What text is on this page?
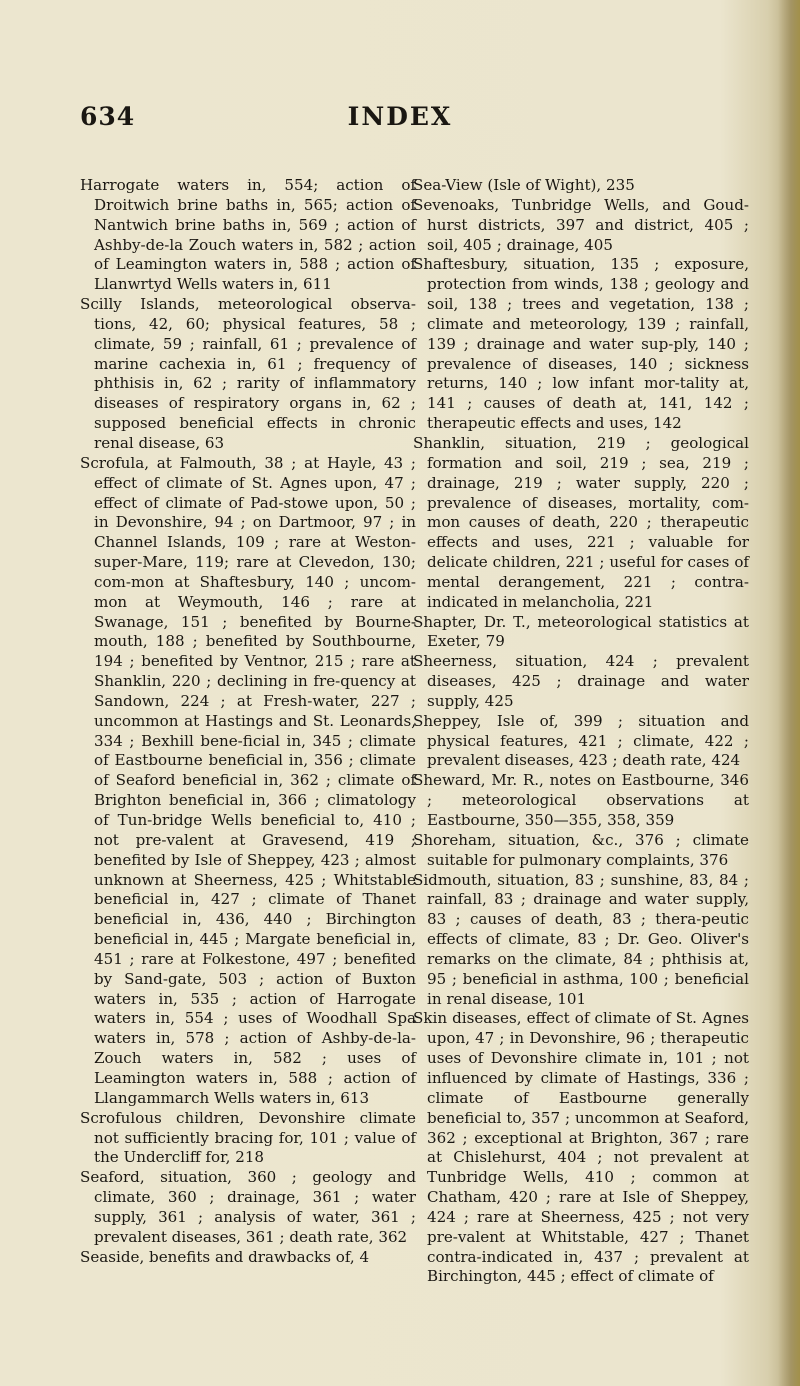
INDEX
634

Harrogate waters in, 554; action of Droitwich brine baths in, 565; action of Nantwich brine baths in, 569 ; action of Ashby-de-la Zouch waters in, 582 ; action of Leamington waters in, 588 ; action of Llanwrtyd Wells waters in, 611

Scilly Islands, meteorological observa-tions, 42, 60; physical features, 58 ; climate, 59 ; rainfall, 61 ; prevalence of marine cachexia in, 61 ; frequency of phthisis in, 62 ; rarity of inflammatory diseases of respiratory organs in, 62 ; supposed beneficial effects in chronic renal disease, 63

Scrofula, at Falmouth, 38 ; at Hayle, 43 ; effect of climate of St. Agnes upon, 47 ; effect of climate of Pad-stowe upon, 50 ; in Devonshire, 94 ; on Dartmoor, 97 ; in Channel Islands, 109 ; rare at Weston-super-Mare, 119; rare at Clevedon, 130; com-mon at Shaftesbury, 140 ; uncom-mon at Weymouth, 146 ; rare at Swanage, 151 ; benefited by Bourne-mouth, 188 ; benefited by Southbourne, 194 ; benefited by Ventnor, 215 ; rare at Shanklin, 220 ; declining in fre-quency at Sandown, 224 ; at Fresh-water, 227 ; uncommon at Hastings and St. Leonards, 334 ; Bexhill bene-ficial in, 345 ; climate of Eastbourne beneficial in, 356 ; climate of Seaford beneficial in, 362 ; climate of Brighton beneficial in, 366 ; climatology of Tun-bridge Wells beneficial to, 410 ; not pre-valent at Gravesend, 419 ; benefited by Isle of Sheppey, 423 ; almost unknown at Sheerness, 425 ; Whitstable beneficial in, 427 ; climate of Thanet beneficial in, 436, 440 ; Birchington beneficial in, 445 ; Margate beneficial in, 451 ; rare at Folkestone, 497 ; benefited by Sand-gate, 503 ; action of Buxton waters in, 535 ; action of Harrogate waters in, 554 ; uses of Woodhall Spa waters in, 578 ; action of Ashby-de-la-Zouch waters in, 582 ; uses of Leamington waters in, 588 ; action of Llangammarch Wells waters in, 613

Scrofulous children, Devonshire climate not sufficiently bracing for, 101 ; value of the Undercliff for, 218

Seaford, situation, 360 ; geology and climate, 360 ; drainage, 361 ; water supply, 361 ; analysis of water, 361 ; prevalent diseases, 361 ; death rate, 362

Seaside, benefits and drawbacks of, 4

Sea-View (Isle of Wight), 235

Sevenoaks, Tunbridge Wells, and Goud-hurst districts, 397 and district, 405 ; soil, 405 ; drainage, 405

Shaftesbury, situation, 135 ; exposure, protection from winds, 138 ; geology and soil, 138 ; trees and vegetation, 138 ; climate and meteorology, 139 ; rainfall, 139 ; drainage and water sup-ply, 140 ; prevalence of diseases, 140 ; sickness returns, 140 ; low infant mor-tality at, 141 ; causes of death at, 141, 142 ; therapeutic effects and uses, 142

Shanklin, situation, 219 ; geological formation and soil, 219 ; sea, 219 ; drainage, 219 ; water supply, 220 ; prevalence of diseases, mortality, com-mon causes of death, 220 ; therapeutic effects and uses, 221 ; valuable for delicate children, 221 ; useful for cases of mental derangement, 221 ; contra-indicated in melancholia, 221

Shapter, Dr. T., meteorological statistics at Exeter, 79

Sheerness, situation, 424 ; prevalent diseases, 425 ; drainage and water supply, 425

Sheppey, Isle of, 399 ; situation and physical features, 421 ; climate, 422 ; prevalent diseases, 423 ; death rate, 424

Sheward, Mr. R., notes on Eastbourne, 346 ; meteorological observations at Eastbourne, 350—355, 358, 359

Shoreham, situation, &c., 376 ; climate suitable for pulmonary complaints, 376

Sidmouth, situation, 83 ; sunshine, 83, 84 ; rainfall, 83 ; drainage and water supply, 83 ; causes of death, 83 ; thera-peutic effects of climate, 83 ; Dr. Geo. Oliver's remarks on the climate, 84 ; phthisis at, 95 ; beneficial in asthma, 100 ; beneficial in renal disease, 101

Skin diseases, effect of climate of St. Agnes upon, 47 ; in Devonshire, 96 ; therapeutic uses of Devonshire climate in, 101 ; not influenced by climate of Hastings, 336 ; climate of Eastbourne generally beneficial to, 357 ; uncommon at Seaford, 362 ; exceptional at Brighton, 367 ; rare at Chislehurst, 404 ; not prevalent at Tunbridge Wells, 410 ; common at Chatham, 420 ; rare at Isle of Sheppey, 424 ; rare at Sheerness, 425 ; not very pre-valent at Whitstable, 427 ; Thanet contra-indicated in, 437 ; prevalent at Birchington, 445 ; effect of climate of
